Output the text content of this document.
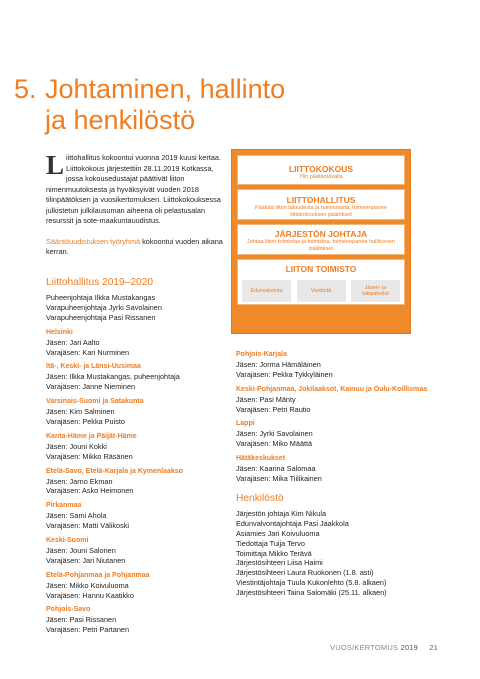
5. Johtaminen, hallinto
ja henkilöstö

Liittohallitus kokoontui vuonna 2019 kuusi kertaa. Liittokokous järjestettiin 28.11.2019 Kotkassa, jossa kokousedustajat päättivät liiton nimenmuutoksesta ja hyväksyivät vuoden 2018 tilinpäätöksen ja vuosikertomuksen. Liittokokouksessa julkistetun julkilausuman aiheena oli pelastusalan resurssit ja sote-maakuntauudistus.

Sääntöuudistuksen työryhmä kokoontui vuoden aikana kerran.

LIITTOKOKOUS
Ylin päätäntävalta
LIITTOHALLITUS
Päättää liiton taloudesta ja toiminnasta, toimeenpanee liittokokouksen päätökset
JÄRJESTÖN JOHTAJA
Johtaa liiton toimintaa ja toimistoa, toimeenpanee hallituksen päätökset
LIITON TOIMISTO
Edunvalvonta	Viestintä
Jäsen- ja tukipalvelut
Liittohallitus 2019–2020

Puheenjohtaja Ilkka Mustakangas

Varapuheenjohtaja Jyrki Savolainen

Varapuheenjohtaja Pasi Rissanen

Helsinki

Jäsen: Jari Aalto

Varajäsen: Kari Nurminen

Itä-, Keski- ja Länsi-Uusimaa

Jäsen: Ilkka Mustakangas, puheenjohtaja

Varajäsen: Janne Nieminen

Varsinais-Suomi ja Satakunta

Jäsen: Kim Salminen

Varajäsen: Pekka Puisto

Kanta-Häme ja Päijät-Häme

Jäsen: Jouni Kokki

Varajäsen: Mikko Räsänen

Etelä-Savo, Etelä-Karjala ja Kymenlaakso

Jäsen: Jarno Ekman

Varajäsen: Asko Heimonen

Pirkanmaa

Jäsen: Sami Ahola

Varajäsen: Matti Välikoski

Keski-Suomi

Jäsen: Jouni Salonen

Varajäsen: Jari Niutanen

Etelä-Pohjanmaa ja Pohjanmaa

Jäsen: Mikko Koivuluoma

Varajäsen: Hannu Kaatikko

Pohjois-Savo

Jäsen: Pasi Rissanen

Varajäsen: Petri Partanen

Pohjois-Karjala

Jäsen: Jorma Hämäläinen

Varajäsen: Pekka Tykkyläinen

Keski-Pohjanmaa, Jokilaaksot, Kainuu ja Oulu-Koillismaa

Jäsen: Pasi Mänty

Varajäsen: Petri Rautio

Lappi

Jäsen: Jyrki Savolainen

Varajäsen: Miko Määttä

Hätäkeskukset

Jäsen: Kaarina Salomaa

Varajäsen: Mika Tiilikainen

Henkilöstö

Järjestön johtaja Kim Nikula

Edunvalvontajohtaja Pasi Jaakkola

Asiamies Jari Koivuluoma

Tiedottaja Tuija Tervo

Toimittaja Mikko Terävä

Järjestösihteeri Liisa Haimi

Järjestösihteeri Laura Ruokonen (1.8. asti)

Viestintäjohtaja Tuula Kukonlehto (5.8. alkaen)

Järjestösihteeri Taina Salomäki (25.11. alkaen)

VUOSIKERTOMUS 2019 21
